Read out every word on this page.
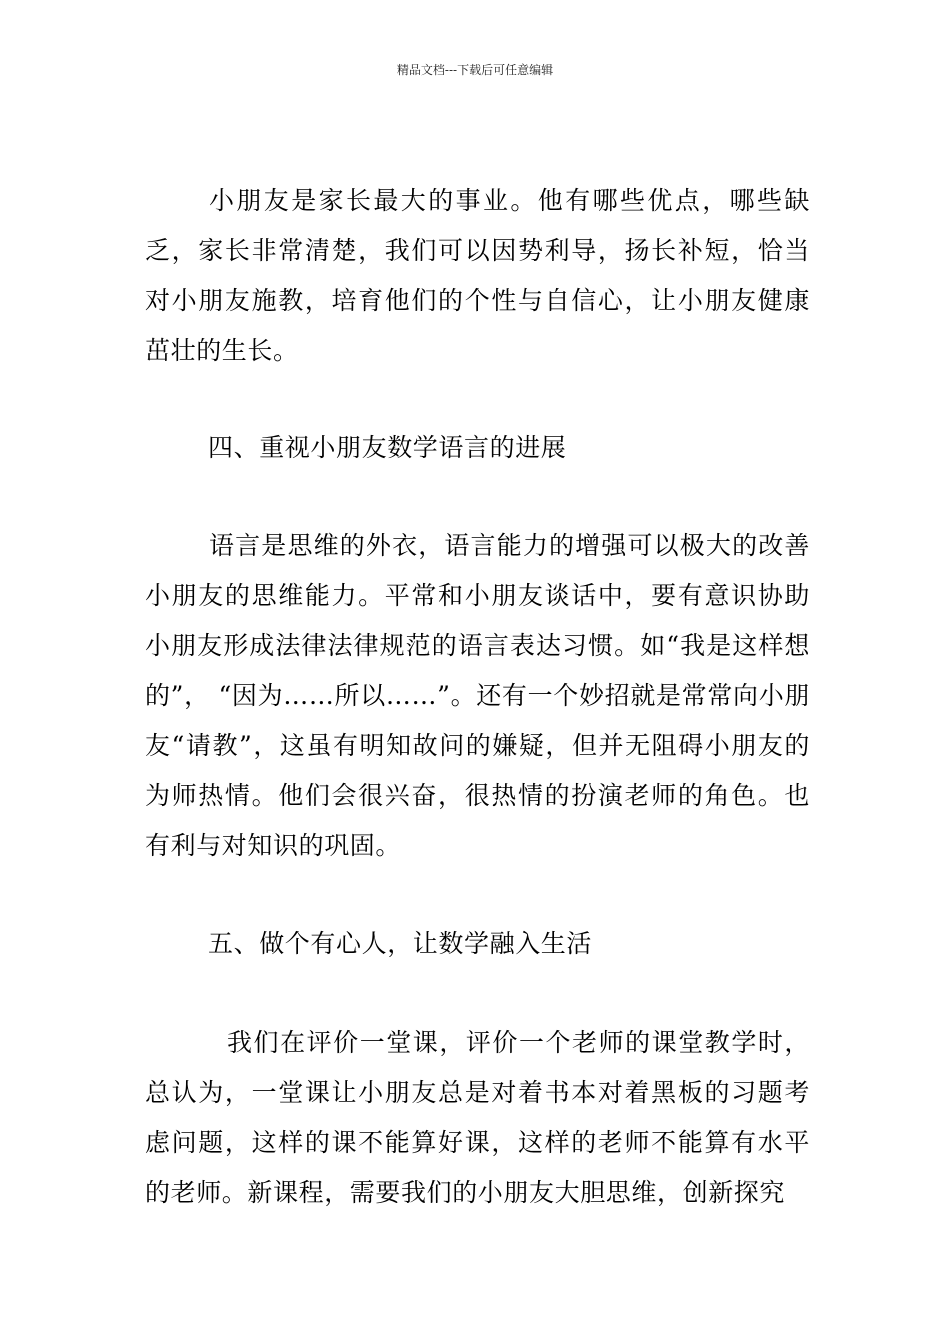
精品文档---下载后可任意编辑

小朋友是家长最大的事业。他有哪些优点，哪些缺乏，家长非常清楚，我们可以因势利导，扬长补短，恰当对小朋友施教，培育他们的个性与自信心，让小朋友健康茁壮的生长。

四、重视小朋友数学语言的进展

语言是思维的外衣，语言能力的增强可以极大的改善小朋友的思维能力。平常和小朋友谈话中，要有意识协助小朋友形成法律法律规范的语言表达习惯。如“我是这样想的”， “因为……所以……”。还有一个妙招就是常常向小朋友“请教”，这虽有明知故问的嫌疑，但并无阻碍小朋友的为师热情。他们会很兴奋，很热情的扮演老师的角色。也有利与对知识的巩固。

五、做个有心人，让数学融入生活

我们在评价一堂课，评价一个老师的课堂教学时，总认为，一堂课让小朋友总是对着书本对着黑板的习题考虑问题，这样的课不能算好课，这样的老师不能算有水平的老师。新课程，需要我们的小朋友大胆思维，创新探究
